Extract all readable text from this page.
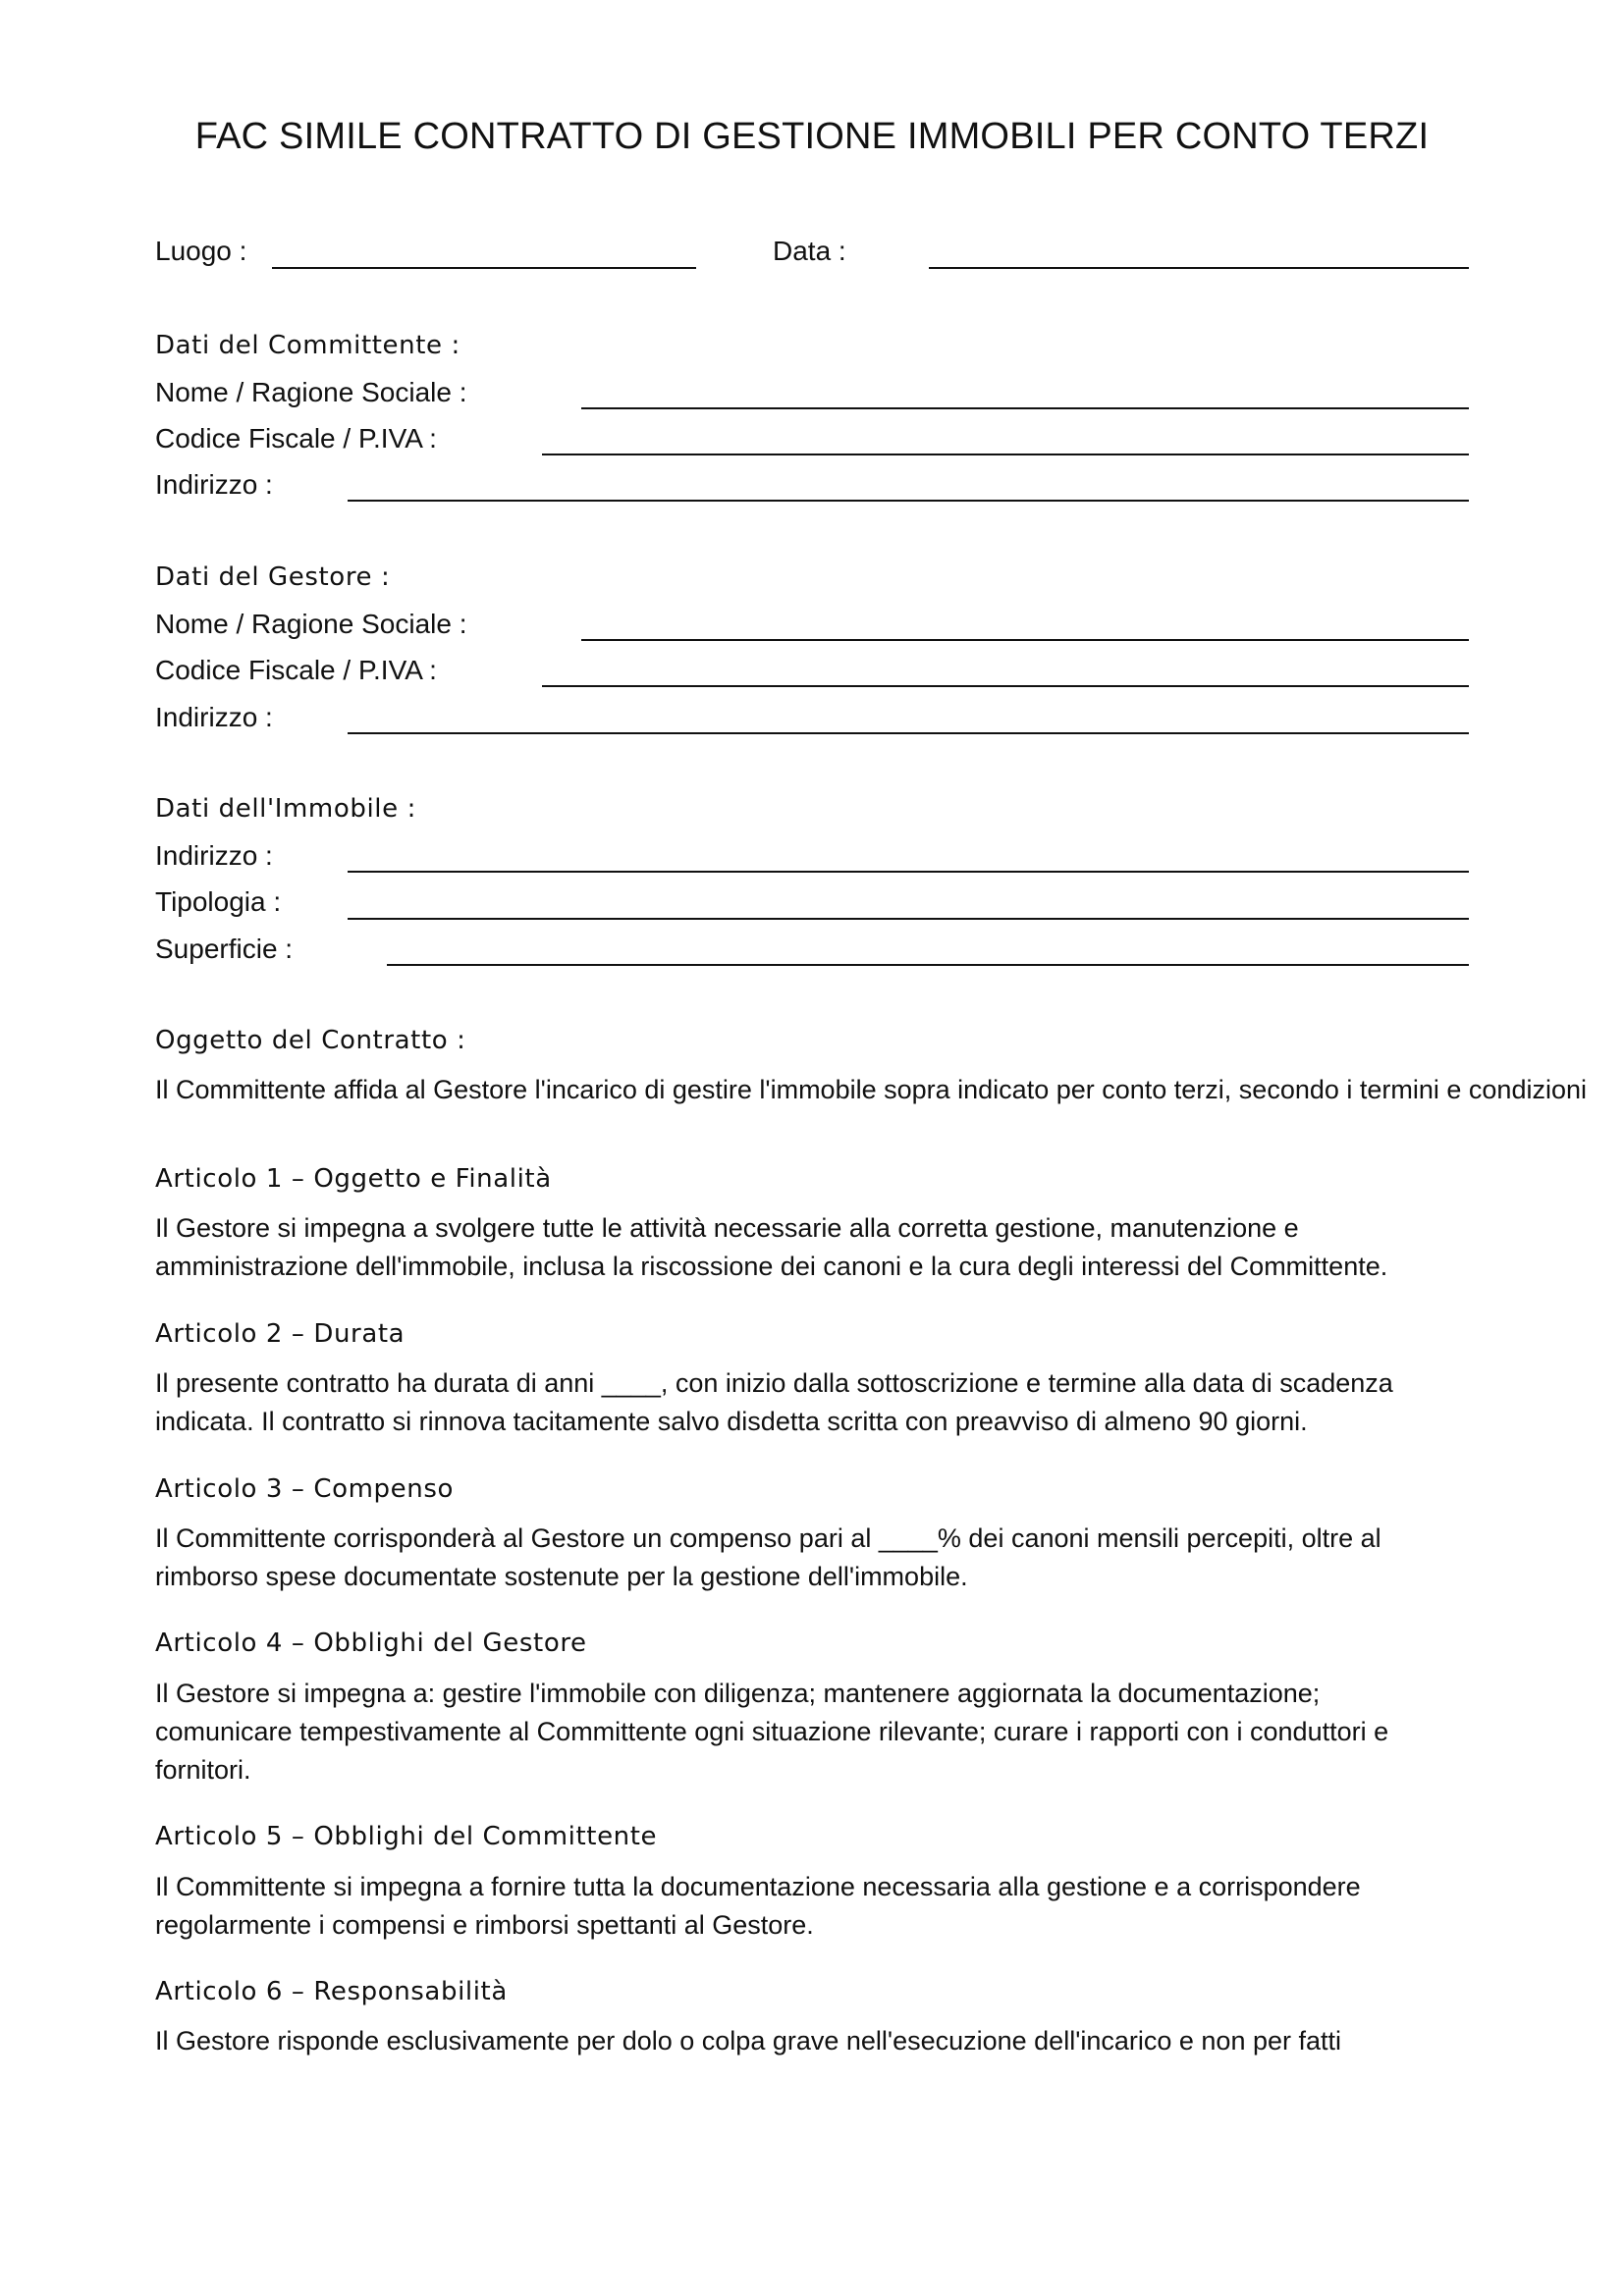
FAC SIMILE CONTRATTO DI GESTIONE IMMOBILI PER CONTO TERZI
Luogo :	Data :
Dati del Committente :
Nome / Ragione Sociale :
Codice Fiscale / P.IVA :
Indirizzo :
Dati del Gestore :
Nome / Ragione Sociale :
Codice Fiscale / P.IVA :
Indirizzo :
Dati dell'Immobile :
Indirizzo :
Tipologia :
Superficie :
Oggetto del Contratto :

Il Committente affida al Gestore l'incarico di gestire l'immobile sopra indicato per conto terzi, secondo i termini e condizioni

Articolo 1 – Oggetto e Finalità

Il Gestore si impegna a svolgere tutte le attività necessarie alla corretta gestione, manutenzione e

amministrazione dell'immobile, inclusa la riscossione dei canoni e la cura degli interessi del Committente.

Articolo 2 – Durata

Il presente contratto ha durata di anni ____, con inizio dalla sottoscrizione e termine alla data di scadenza

indicata. Il contratto si rinnova tacitamente salvo disdetta scritta con preavviso di almeno 90 giorni.

Articolo 3 – Compenso

Il Committente corrisponderà al Gestore un compenso pari al ____% dei canoni mensili percepiti, oltre al

rimborso spese documentate sostenute per la gestione dell'immobile.

Articolo 4 – Obblighi del Gestore

Il Gestore si impegna a: gestire l'immobile con diligenza; mantenere aggiornata la documentazione;

comunicare tempestivamente al Committente ogni situazione rilevante; curare i rapporti con i conduttori e

fornitori.

Articolo 5 – Obblighi del Committente

Il Committente si impegna a fornire tutta la documentazione necessaria alla gestione e a corrispondere

regolarmente i compensi e rimborsi spettanti al Gestore.

Articolo 6 – Responsabilità

Il Gestore risponde esclusivamente per dolo o colpa grave nell'esecuzione dell'incarico e non per fatti
